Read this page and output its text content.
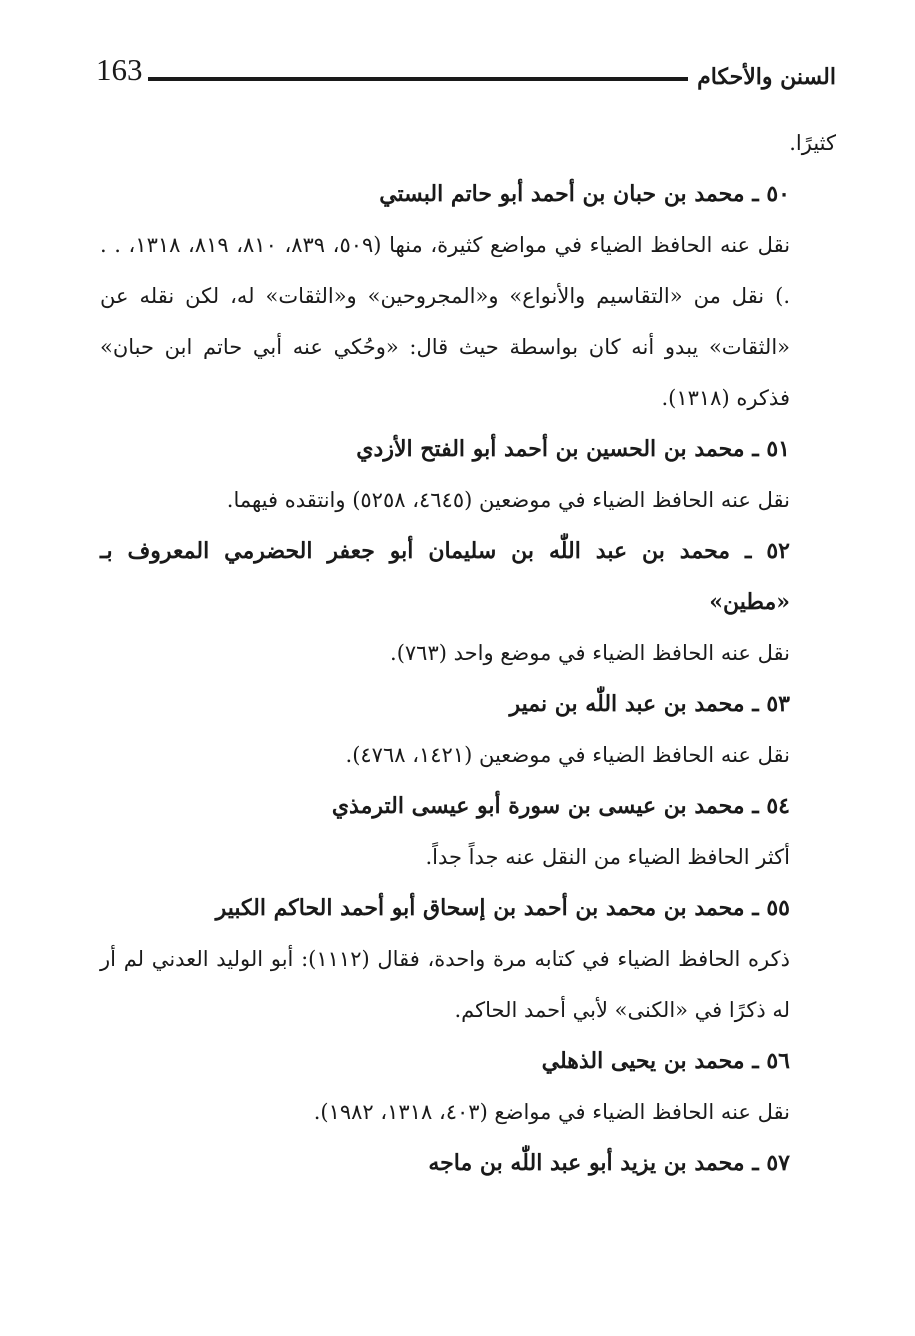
163	السنن والأحكام

كثيرًا.

٥٠ ـ محمد بن حبان بن أحمد أبو حاتم البستي

نقل عنه الحافظ الضياء في مواضع كثيرة، منها (٥٠٩، ٨٣٩، ٨١٠، ٨١٩، ١٣١٨، . . .) نقل من «التقاسيم والأنواع» و«المجروحين» و«الثقات» له، لكن نقله عن «الثقات» يبدو أنه كان بواسطة حيث قال: «وحُكي عنه أبي حاتم ابن حبان» فذكره (١٣١٨).

٥١ ـ محمد بن الحسين بن أحمد أبو الفتح الأزدي

نقل عنه الحافظ الضياء في موضعين (٤٦٤٥، ٥٢٥٨) وانتقده فيهما.

٥٢ ـ محمد بن عبد اللّٰه بن سليمان أبو جعفر الحضرمي المعروف بـ «مطين»

نقل عنه الحافظ الضياء في موضع واحد (٧٦٣).

٥٣ ـ محمد بن عبد اللّٰه بن نمير

نقل عنه الحافظ الضياء في موضعين (١٤٢١، ٤٧٦٨).

٥٤ ـ محمد بن عيسى بن سورة أبو عيسى الترمذي

أكثر الحافظ الضياء من النقل عنه جداً جداً.

٥٥ ـ محمد بن محمد بن أحمد بن إسحاق أبو أحمد الحاكم الكبير

ذكره الحافظ الضياء في كتابه مرة واحدة، فقال (١١١٢): أبو الوليد العدني لم أر له ذكرًا في «الكنى» لأبي أحمد الحاكم.

٥٦ ـ محمد بن يحيى الذهلي

نقل عنه الحافظ الضياء في مواضع (٤٠٣، ١٣١٨، ١٩٨٢).

٥٧ ـ محمد بن يزيد أبو عبد اللّٰه بن ماجه
